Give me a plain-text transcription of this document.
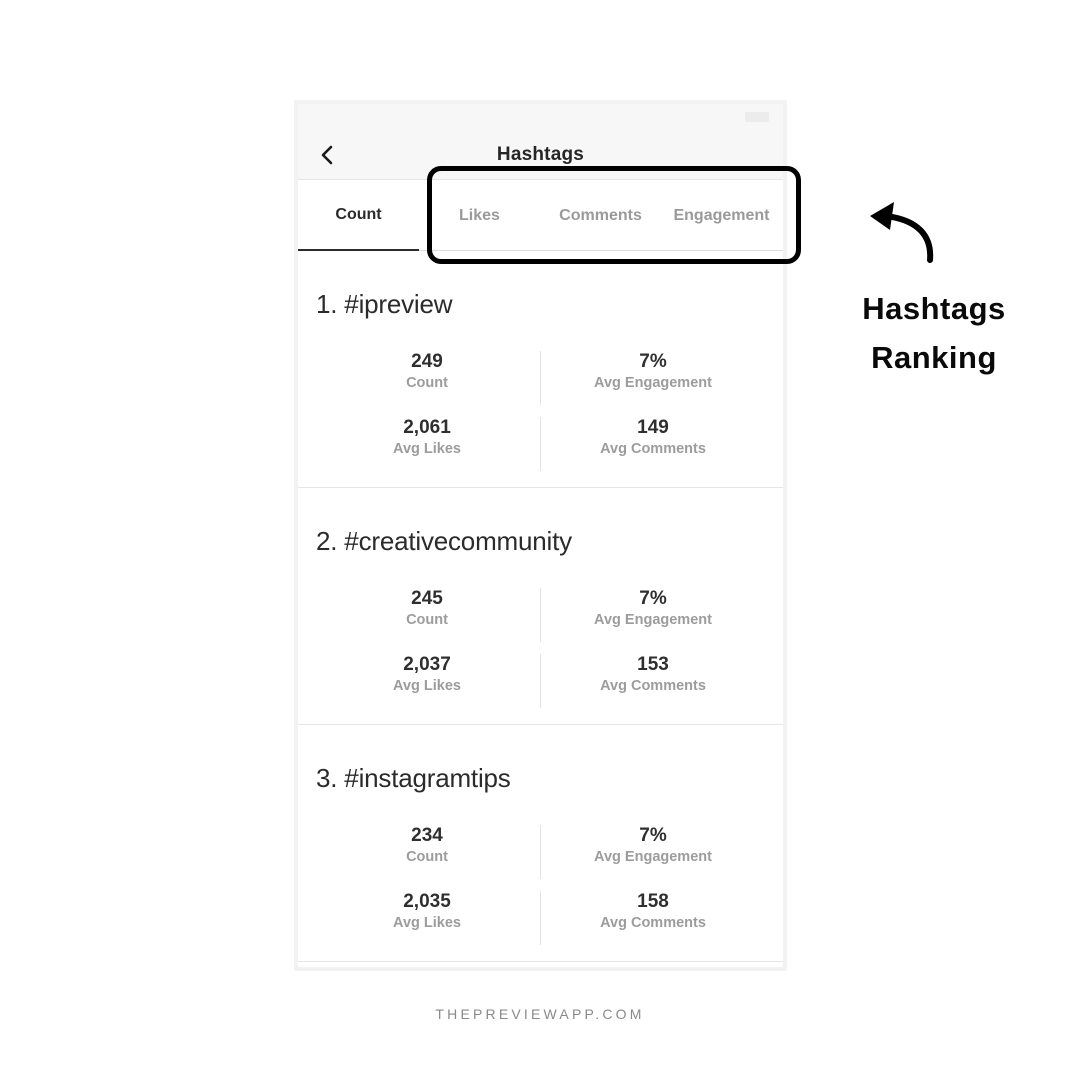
Hashtags
Count	Likes	Comments	Engagement
1. #ipreview
249
Count
7%
Avg Engagement
2,061
Avg Likes
149
Avg Comments
2. #creativecommunity
245
Count
7%
Avg Engagement
2,037
Avg Likes
153
Avg Comments
3. #instagramtips
234
Count
7%
Avg Engagement
2,035
Avg Likes
158
Avg Comments
Hashtags
Ranking
THEPREVIEWAPP.COM
